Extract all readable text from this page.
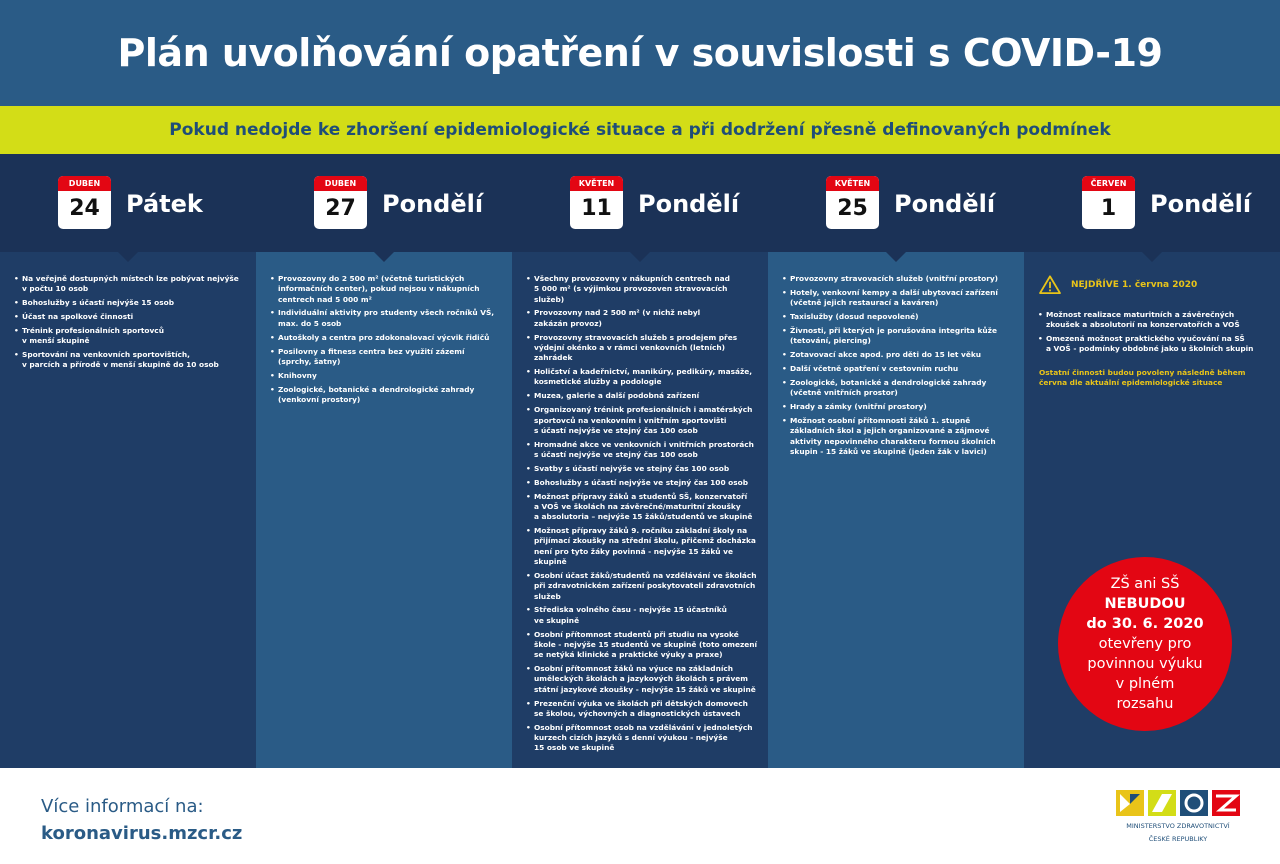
Plán uvolňování opatření v souvislosti s COVID-19
Pokud nedojde ke zhoršení epidemiologické situace a při dodržení přesně definovaných podmínek
DUBEN
24	Pátek
• Na veřejně dostupných místech lze pobývat nejvýše
v počtu 10 osob
• Bohoslužby s účastí nejvýše 15 osob
• Účast na spolkové činnosti
• Trénink profesionálních sportovců
v menší skupině
• Sportování na venkovních sportovištích,
v parcích a přírodě v menší skupině do 10 osob
DUBEN
27	Pondělí
• Provozovny do 2 500 m² (včetně turistických
informačních center), pokud nejsou v nákupních
centrech nad 5 000 m²
• Individuální aktivity pro studenty všech ročníků VŠ,
max. do 5 osob
• Autoškoly a centra pro zdokonalovací výcvik řidičů
• Posilovny a fitness centra bez využití zázemí
(sprchy, šatny)
• Knihovny
• Zoologické, botanické a dendrologické zahrady
(venkovní prostory)
KVĚTEN
11	Pondělí
• Všechny provozovny v nákupních centrech nad
5 000 m² (s výjimkou provozoven stravovacích služeb)
• Provozovny nad 2 500 m² (v nichž nebyl
zakázán provoz)
• Provozovny stravovacích služeb s prodejem přes
výdejní okénko a v rámci venkovních (letních)
zahrádek
• Holičství a kadeřnictví, manikúry, pedikúry, masáže,
kosmetické služby a podologie
• Muzea, galerie a další podobná zařízení
• Organizovaný trénink profesionálních i amatérských
sportovců na venkovním i vnitřním sportovišti
s účastí nejvýše ve stejný čas 100 osob
• Hromadné akce ve venkovních i vnitřních prostorách
s účastí nejvýše ve stejný čas 100 osob
• Svatby s účastí nejvýše ve stejný čas 100 osob
• Bohoslužby s účastí nejvýše ve stejný čas 100 osob
• Možnost přípravy žáků a studentů SŠ, konzervatoří
a VOŠ ve školách na závěrečné/maturitní zkoušky
a absolutoria – nejvýše 15 žáků/studentů ve skupině
• Možnost přípravy žáků 9. ročníku základní školy na
přijímací zkoušky na střední školu, přičemž docházka
není pro tyto žáky povinná - nejvýše 15 žáků ve
skupině
• Osobní účast žáků/studentů na vzdělávání ve školách
při zdravotnickém zařízení poskytovateli zdravotních
služeb
• Střediska volného času - nejvýše 15 účastníků
ve skupině
• Osobní přítomnost studentů při studiu na vysoké
škole - nejvýše 15 studentů ve skupině (toto omezení
se netýká klinické a praktické výuky a praxe)
• Osobní přítomnost žáků na výuce na základních
uměleckých školách a jazykových školách s právem
státní jazykové zkoušky - nejvýše 15 žáků ve skupině
• Prezenční výuka ve školách při dětských domovech
se školou, výchovných a diagnostických ústavech
• Osobní přítomnost osob na vzdělávání v jednoletých
kurzech cizích jazyků s denní výukou - nejvýše
15 osob ve skupině
KVĚTEN
25	Pondělí
• Provozovny stravovacích služeb (vnitřní prostory)
• Hotely, venkovní kempy a další ubytovací zařízení
(včetně jejich restaurací a kaváren)
• Taxislužby (dosud nepovolené)
• Živnosti, při kterých je porušována integrita kůže
(tetování, piercing)
• Zotavovací akce apod. pro děti do 15 let věku
• Další včetně opatření v cestovním ruchu
• Zoologické, botanické a dendrologické zahrady
(včetně vnitřních prostor)
• Hrady a zámky (vnitřní prostory)
• Možnost osobní přítomnosti žáků 1. stupně
základních škol a jejich organizované a zájmové
aktivity nepovinného charakteru formou školních
skupin - 15 žáků ve skupině (jeden žák v lavici)
ČERVEN
1	Pondělí
NEJDŘÍVE 1. června 2020
• Možnost realizace maturitních a závěrečných
zkoušek a absolutorií na konzervatořích a VOŠ
• Omezená možnost praktického vyučování na SŠ
a VOŠ - podmínky obdobné jako u školních skupin
Ostatní činnosti budou povoleny následně během
června dle aktuální epidemiologické situace
ZŠ ani SŠ
NEBUDOU
do 30. 6. 2020
otevřeny pro
povinnou výuku
v plném
rozsahu
Více informací na:
koronavirus.mzcr.cz	MINISTERSTVO ZDRAVOTNICTVÍ
ČESKÉ REPUBLIKY
